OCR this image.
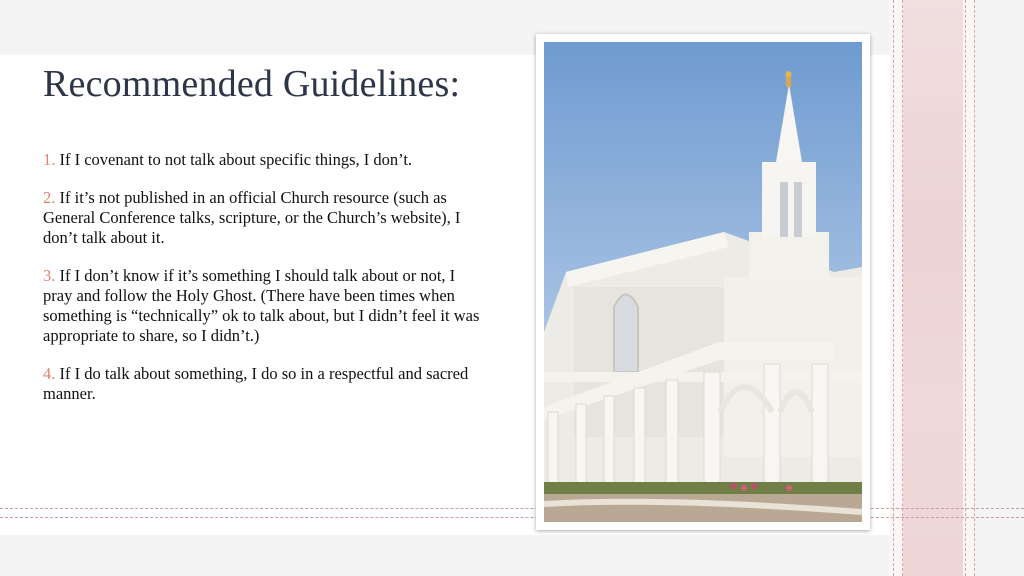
Recommended Guidelines:

1. If I covenant to not talk about specific things, I don’t.

2. If it’s not published in an official Church resource (such as General Conference talks, scripture, or the Church’s website), I don’t talk about it.

3. If I don’t know if it’s something I should talk about or not, I pray and follow the Holy Ghost. (There have been times when something is “technically” ok to talk about, but I didn’t feel it was appropriate to share, so I didn’t.)

4. If I do talk about something, I do so in a respectful and sacred manner.
